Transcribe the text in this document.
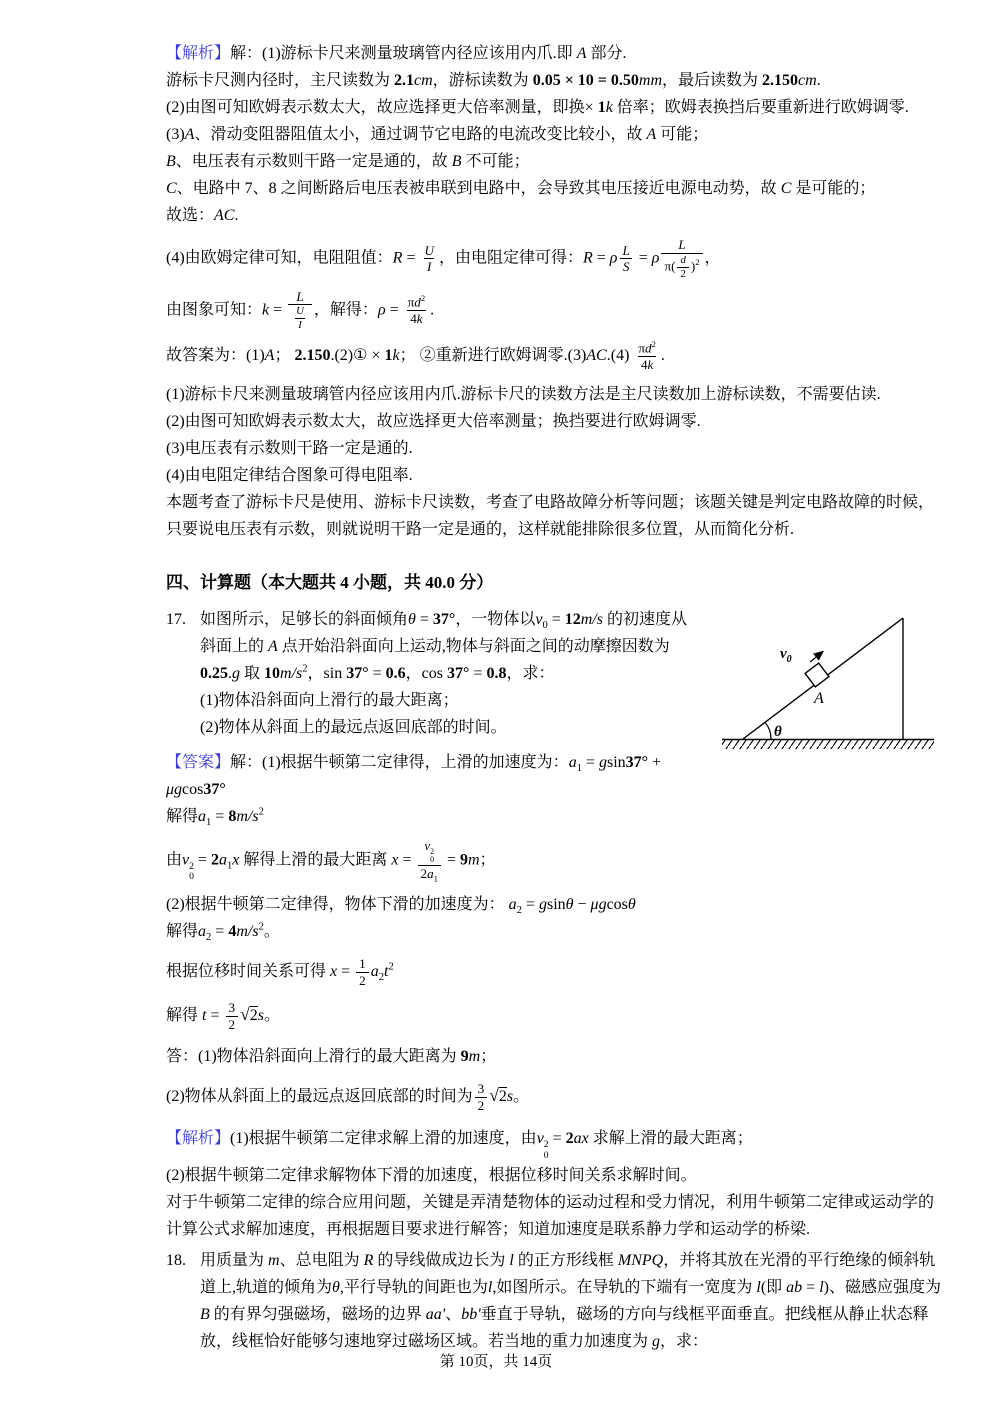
【解析】解：(1)游标卡尺来测量玻璃管内径应该用内爪.即 A 部分.
游标卡尺测内径时，主尺读数为 2.1cm，游标读数为 0.05 × 10 = 0.50mm，最后读数为 2.150cm.
(2)由图可知欧姆表示数太大，故应选择更大倍率测量，即换× 1k 倍率；欧姆表换挡后要重新进行欧姆调零.
(3)A、滑动变阻器阻值太小，通过调节它电路的电流改变比较小，故 A 可能；
B、电压表有示数则干路一定是通的，故 B 不可能；
C、电路中 7、8 之间断路后电压表被串联到电路中，会导致其电压接近电源电动势，故 C 是可能的；
故选：AC.
(4)由欧姆定律可知，电阻阻值：$R = \frac{U}{I}$ ，由电阻定律可得：R = ρ $\frac{L}{S} = \rho \frac{L}{\pi( \frac{d}{2} )^2}$ ，
由图象可知：$k = \frac{L}{\frac{U}{I}}$ ，解得：$\rho = \frac{\pi d^2}{4k}$ .
故答案为：(1)A； 2.150.(2)① × 1k； ②重新进行欧姆调零$.(3)AC.(4) \frac{\pi d^2}{4k}$ .
(1)游标卡尺来测量玻璃管内径应该用内爪.游标卡尺的读数方法是主尺读数加上游标读数，不需要估读.
(2)由图可知欧姆表示数太大，故应选择更大倍率测量；换挡要进行欧姆调零.
(3)电压表有示数则干路一定是通的.
(4)由电阻定律结合图象可得电阻率.
本题考查了游标卡尺是使用、游标卡尺读数，考查了电路故障分析等问题；该题关键是判定电路故障的时候，只要说电压表有示数，则就说明干路一定是通的，这样就能排除很多位置，从而简化分析.
四、计算题（本大题共 4 小题，共 40.0 分）
17.
θ
$v_0$
A
如图所示，足够长的斜面倾角θ = 37°，一物体以$v_0 = 12m/s$ 的初速度从斜面上的 A 点开始沿斜面向上运动,物体与斜面之间的动摩擦因数为 0.25.g 取 $10m/s^2$，sin 37° = 0.6，cos 37° = 0.8，求：
(1)物体沿斜面向上滑行的最大距离；
(2)物体从斜面上的最远点返回底部的时间。
【答案】解：(1)根据牛顿第二定律得，上滑的加速度为：$a_1 = gsin37^\circ + \mu gcos37^\circ$
解得$a_1 = 8m/s^2$
由v 2
0
= $2a_1x$ 解得上滑的最大距离 x = v 2
0
$2a_1 = 9m$；
(2)根据牛顿第二定律得，物体下滑的加速度为： $a_2 = gsin\theta - \mu gcos\theta$
解得$a_2 = 4m/s^2$。
根据位移时间关系可得 $x = \frac{1}{2} a_2t^2$
解得 $t = \frac{3}{2} √2s$。
答：(1)物体沿斜面向上滑行的最大距离为 9m；
(2)物体从斜面上的最远点返回底部的时间为 $\frac{3}{2} √2s$。
【解析】(1)根据牛顿第二定律求解上滑的加速度，由v 2
0
= 2ax 求解上滑的最大距离；
(2)根据牛顿第二定律求解物体下滑的加速度，根据位移时间关系求解时间。
对于牛顿第二定律的综合应用问题，关键是弄清楚物体的运动过程和受力情况，利用牛顿第二定律或运动学的计算公式求解加速度，再根据题目要求进行解答；知道加速度是联系静力学和运动学的桥梁.
18. 用质量为 m、总电阻为 R 的导线做成边长为 l 的正方形线框 MNPQ，并将其放在光滑的平行绝缘的倾斜轨道上,轨道的倾角为θ,平行导轨的间距也为l,如图所示。在导轨的下端有一宽度为 l(即 ab = l)、磁感应强度为 B 的有界匀强磁场，磁场的边界 aa'、bb'垂直于导轨，磁场的方向与线框平面垂直。把线框从静止状态释放，线框恰好能够匀速地穿过磁场区域。若当地的重力加速度为 g，求：
第 10页，共 14页
